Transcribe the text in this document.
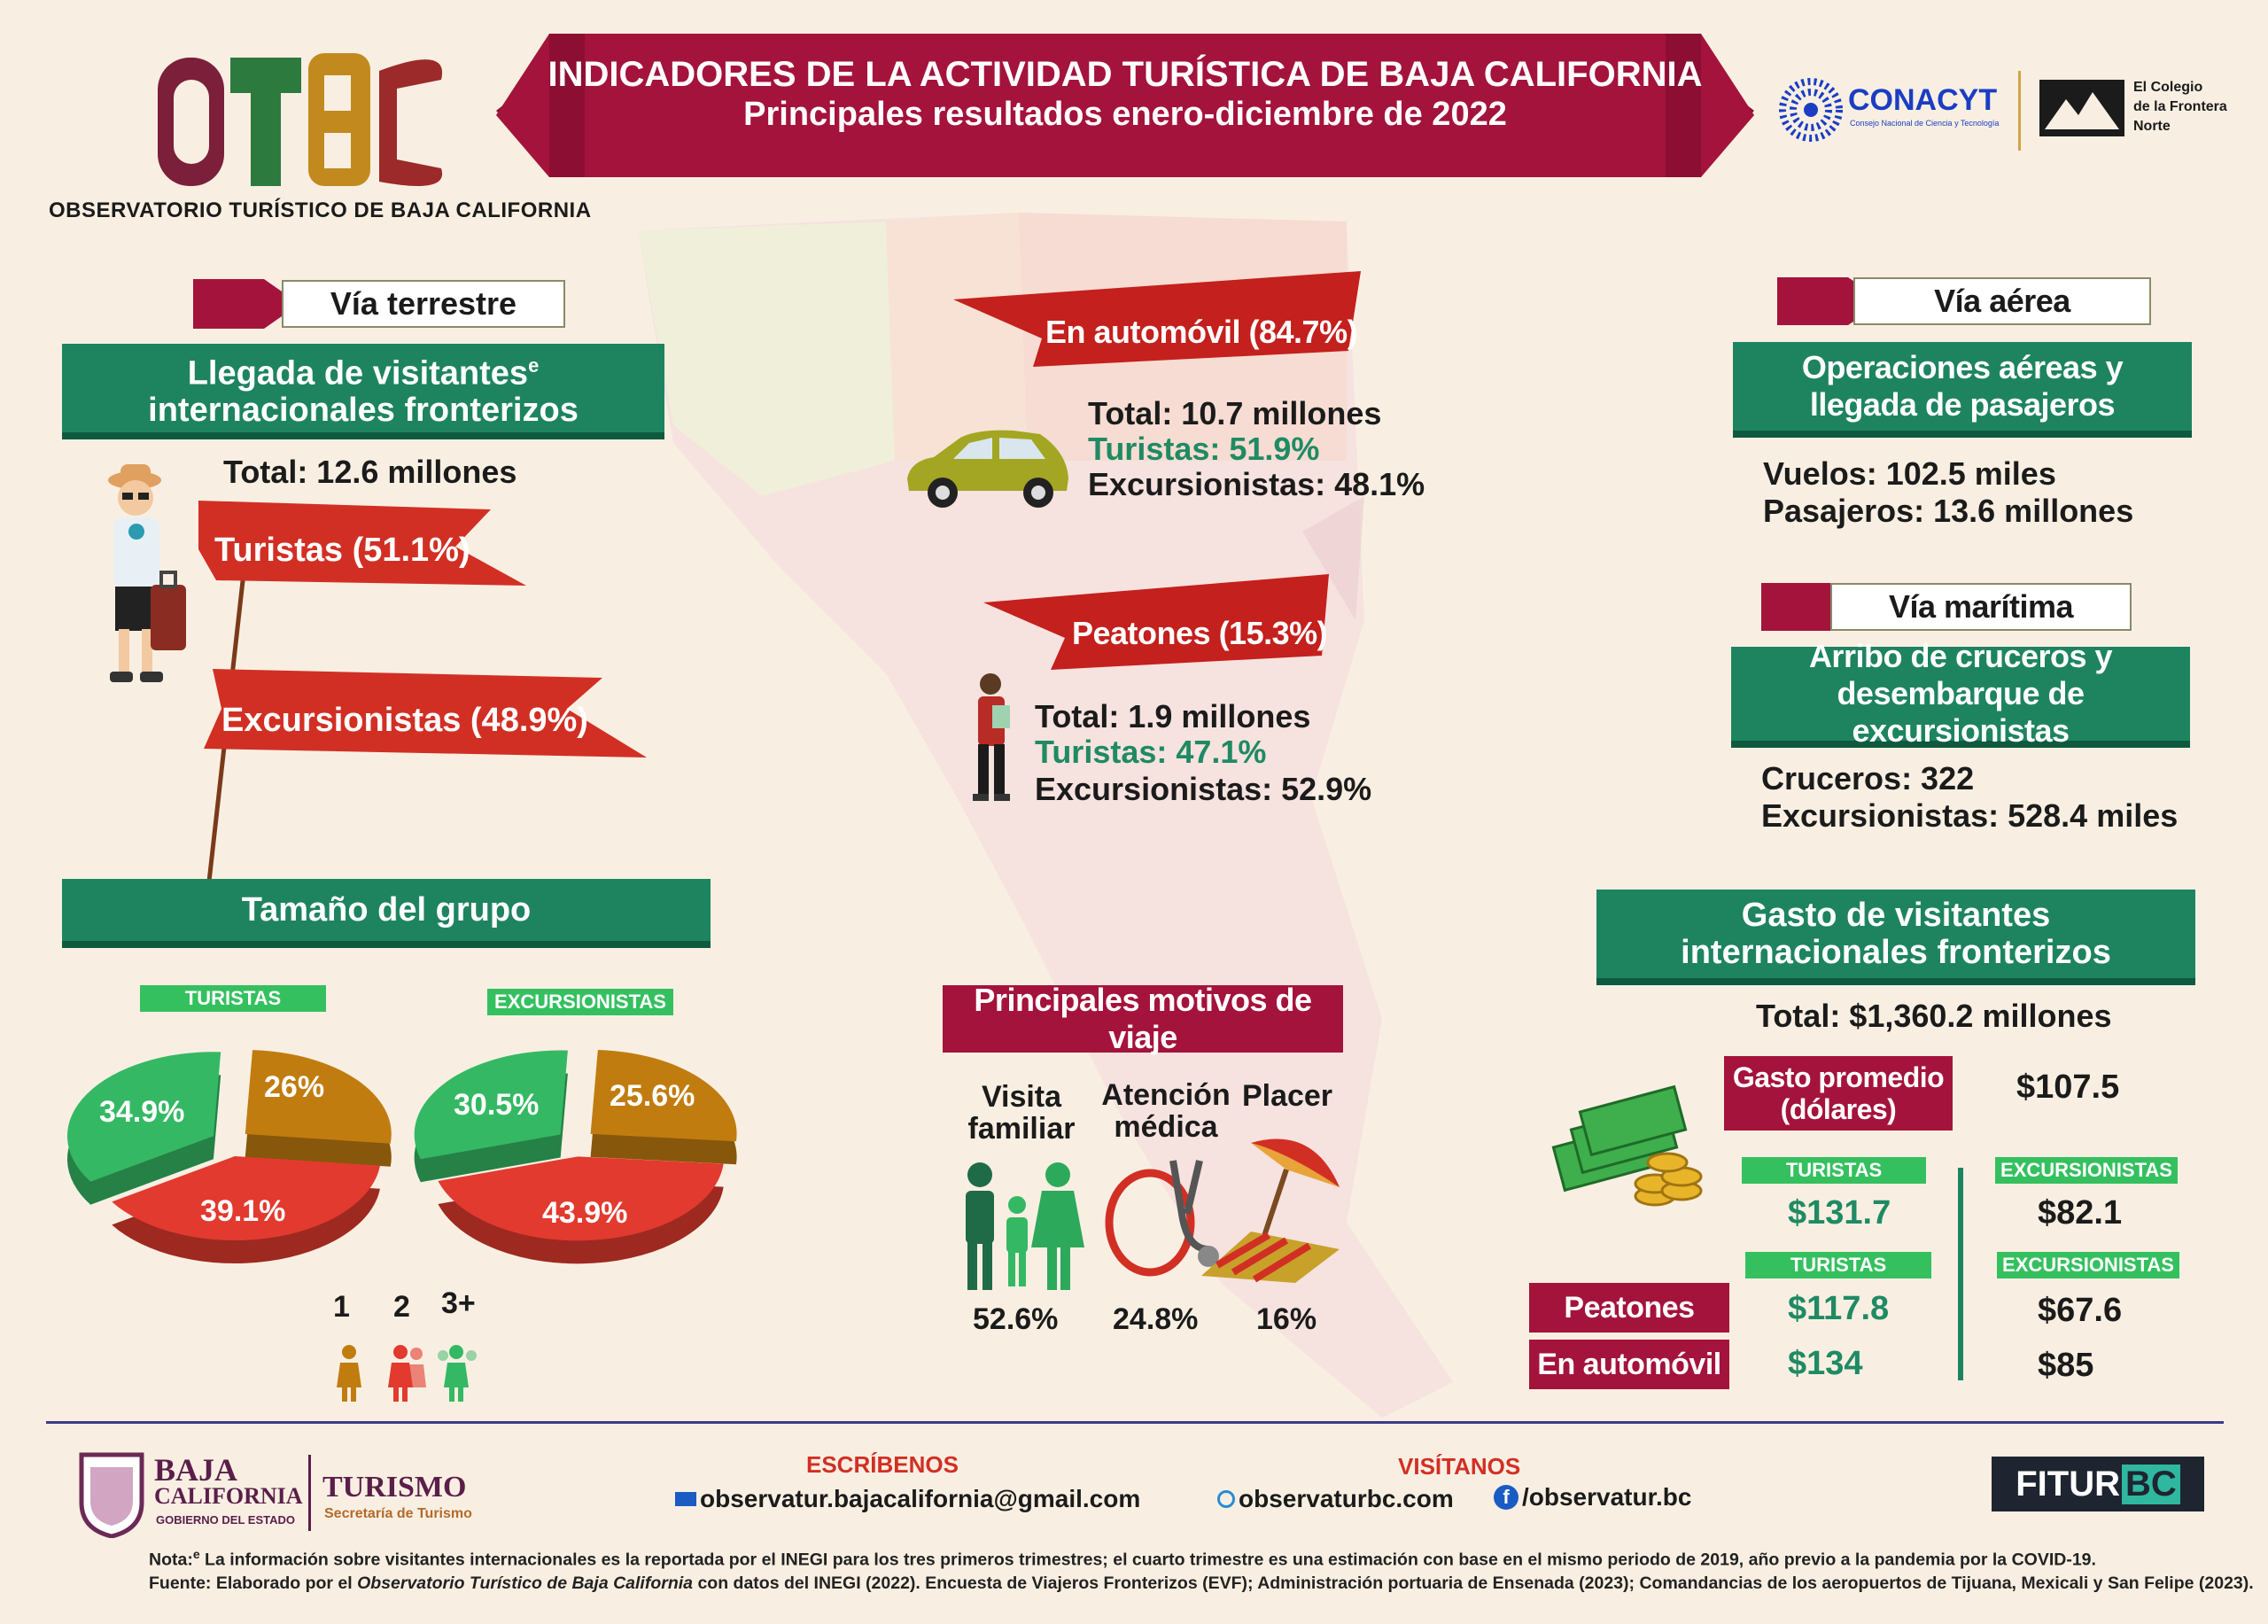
OBSERVATORIO TURÍSTICO DE BAJA CALIFORNIA
INDICADORES DE LA ACTIVIDAD TURÍSTICA DE BAJA CALIFORNIA
Principales resultados enero-diciembre de 2022	CONACYT
Consejo Nacional de Ciencia y Tecnología
El Colegio
de la Frontera
Norte
Vía terrestre
Llegada de visitantes$^e$
internacionales fronterizos
Total: 12.6 millones
Turistas (51.1%)
Excursionistas (48.9%)
Tamaño del grupo
TURISTAS	EXCURSIONISTAS
34.9%
26%
39.1%
30.5% 25.6%
43.9%
1 2 3+
En automóvil (84.7%)
Total: 10.7 millones
Turistas: 51.9%
Excursionistas: 48.1%
Peatones (15.3%)
Total: 1.9 millones
Turistas: 47.1%
Excursionistas: 52.9%
Principales motivos de viaje
Visita
familiar
Atención
médica
Placer
52.6% 24.8% 16%
Vía aérea
Operaciones aéreas y
llegada de pasajeros
Vuelos: 102.5 miles
Pasajeros: 13.6 millones
Vía marítima
Arribo de cruceros y
desembarque de excursionistas
Cruceros: 322
Excursionistas: 528.4 miles
Gasto de visitantes
internacionales fronterizos
Total: $1,360.2 millones
Gasto promedio
(dólares)
$107.5
TURISTAS	EXCURSIONISTAS
$131.7	$82.1
TURISTAS	EXCURSIONISTAS
Peatones	$117.8	$67.6
En automóvil $134	$85
BAJA
CALIFORNIA
GOBIERNO DEL ESTADO
TURISMO
Secretaría de Turismo
ESCRÍBENOS
observatur.bajacalifornia@gmail.com
VISÍTANOS
observaturbc.com	f /observatur.bc	FITUR BC
Nota:$^e$ La información sobre visitantes internacionales es la reportada por el INEGI para los tres primeros trimestres; el cuarto trimestre es una estimación con base en el mismo periodo de 2019, año previo a la pandemia por la COVID-19.
Fuente: Elaborado por el Observatorio Turístico de Baja California con datos del INEGI (2022). Encuesta de Viajeros Fronterizos (EVF); Administración portuaria de Ensenada (2023); Comandancias de los aeropuertos de Tijuana, Mexicali y San Felipe (2023).
